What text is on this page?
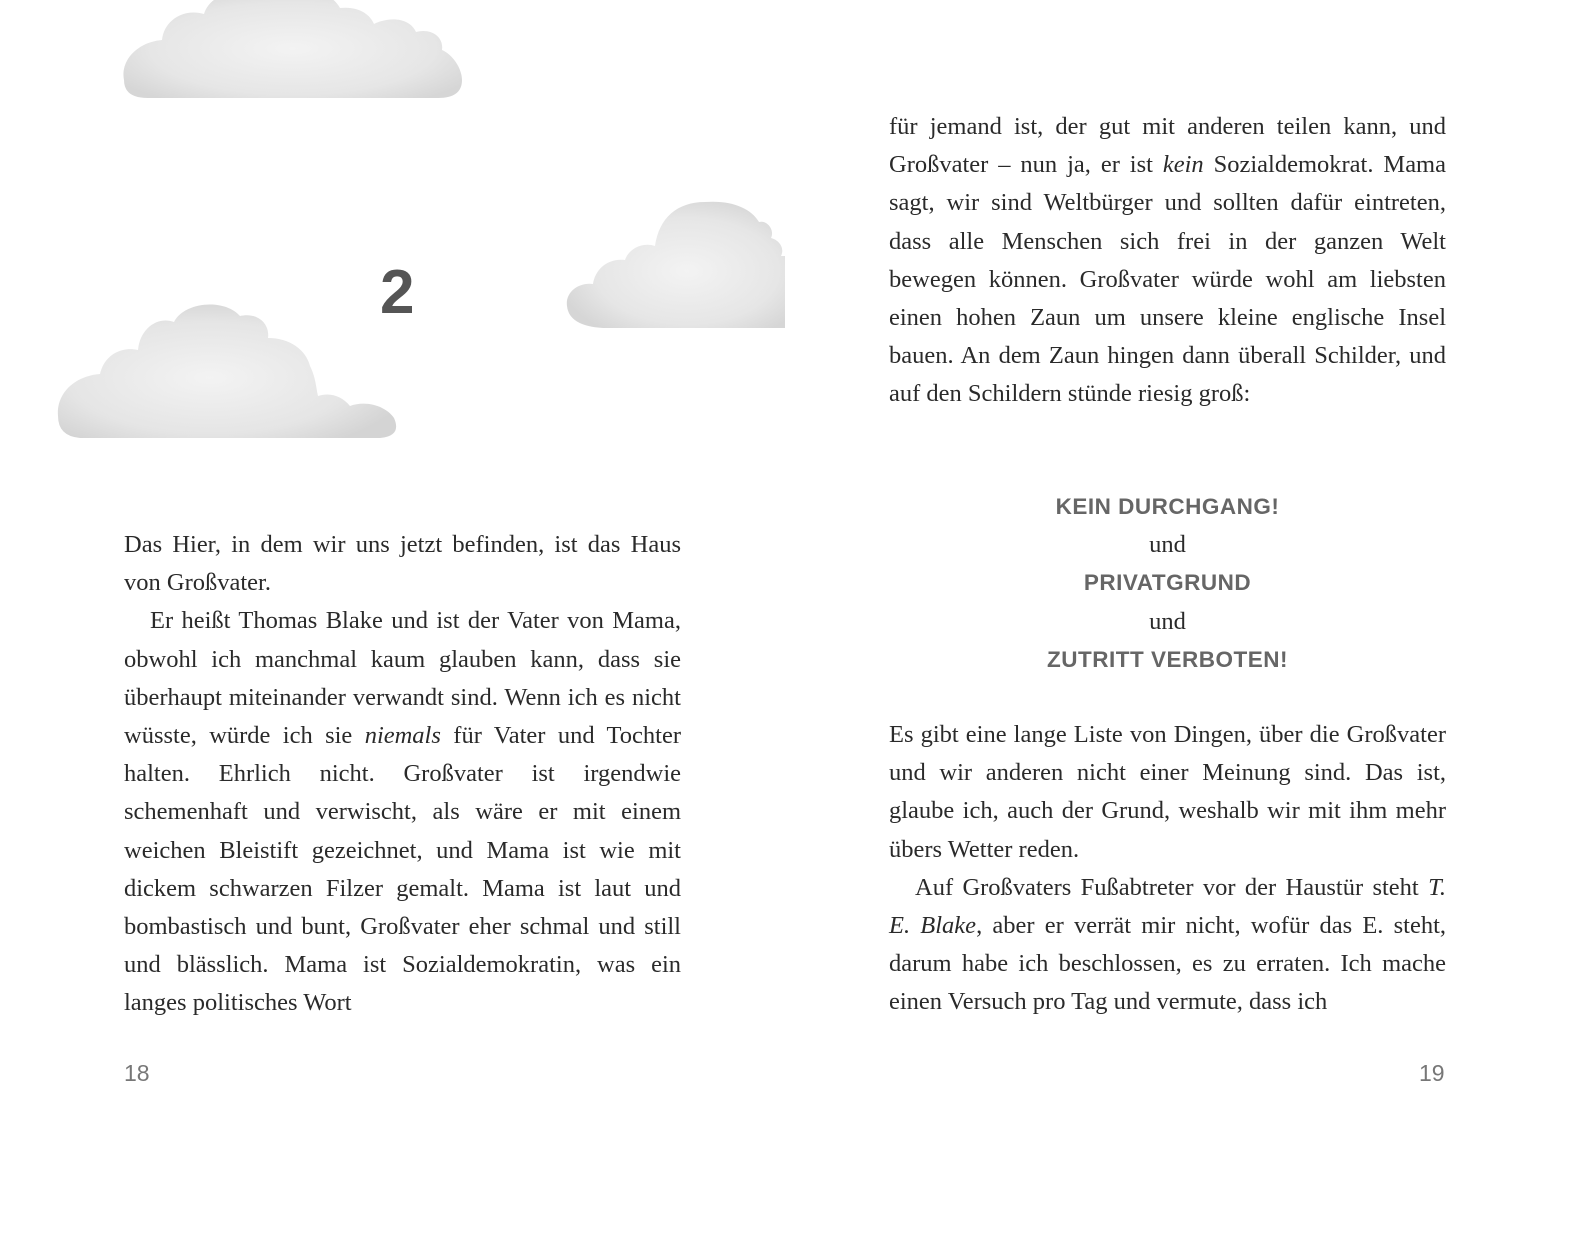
2

Das Hier, in dem wir uns jetzt befinden, ist das Haus von Großvater.

Er heißt Thomas Blake und ist der Vater von Mama, obwohl ich manchmal kaum glauben kann, dass sie überhaupt miteinander verwandt sind. Wenn ich es nicht wüsste, würde ich sie niemals für Vater und Tochter halten. Ehrlich nicht. Großvater ist irgendwie schemenhaft und verwischt, als wäre er mit einem weichen Bleistift gezeichnet, und Mama ist wie mit dickem schwarzen Filzer gemalt. Mama ist laut und bombastisch und bunt, Großvater eher schmal und still und blässlich. Mama ist Sozialdemokratin, was ein langes politisches Wort

18

für jemand ist, der gut mit anderen teilen kann, und Großvater – nun ja, er ist kein Sozialdemokrat. Mama sagt, wir sind Weltbürger und sollten dafür eintreten, dass alle Menschen sich frei in der ganzen Welt bewegen können. Großvater würde wohl am liebsten einen hohen Zaun um unsere kleine englische Insel bauen. An dem Zaun hingen dann überall Schilder, und auf den Schildern stünde riesig groß:

KEIN DURCHGANG!
und
PRIVATGRUND
und
ZUTRITT VERBOTEN!

Es gibt eine lange Liste von Dingen, über die Großvater und wir anderen nicht einer Meinung sind. Das ist, glaube ich, auch der Grund, weshalb wir mit ihm mehr übers Wetter reden.

Auf Großvaters Fußabtreter vor der Haustür steht T. E. Blake, aber er verrät mir nicht, wofür das E. steht, darum habe ich beschlossen, es zu erraten. Ich mache einen Versuch pro Tag und vermute, dass ich

19
